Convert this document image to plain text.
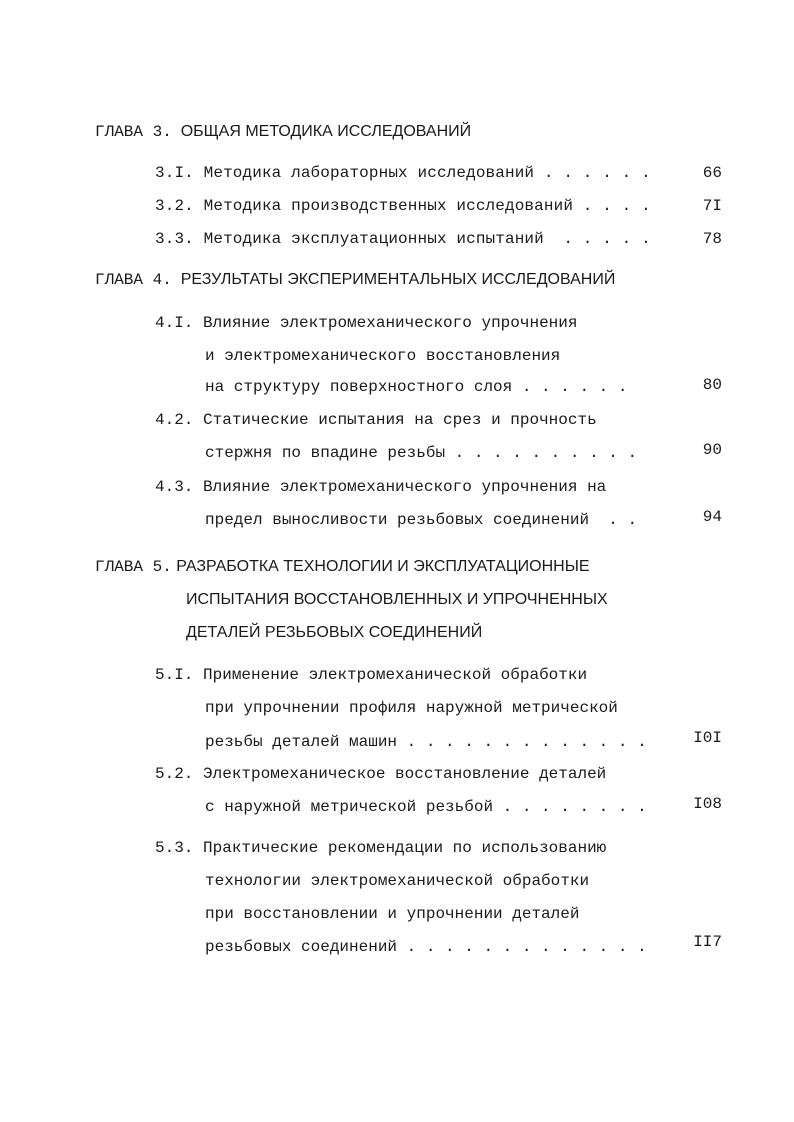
ГЛАВА 3. ОБЩАЯ МЕТОДИКА ИССЛЕДОВАНИЙ
3.I. Методика лабораторных исследований . . . . . .	66
3.2. Методика производственных исследований . . . .	7I
3.3. Методика эксплуатационных испытаний  . . . . .	78
ГЛАВА 4. РЕЗУЛЬТАТЫ ЭКСПЕРИМЕНТАЛЬНЫХ ИССЛЕДОВАНИЙ
4.I. Влияние электромеханического упрочнения
и электромеханического восстановления
на структуру поверхностного слоя . . . . . .	80
4.2. Статические испытания на срез и прочность
стержня по впадине резьбы . . . . . . . . . .	90
4.3. Влияние электромеханического упрочнения на
предел выносливости резьбовых соединений  . .	94
ГЛАВА 5. РАЗРАБОТКА ТЕХНОЛОГИИ И ЭКСПЛУАТАЦИОННЫЕ
ИСПЫТАНИЯ ВОССТАНОВЛЕННЫХ И УПРОЧНЕННЫХ
ДЕТАЛЕЙ РЕЗЬБОВЫХ СОЕДИНЕНИЙ
5.I. Применение электромеханической обработки
при упрочнении профиля наружной метрической
резьбы деталей машин . . . . . . . . . . . . .	I0I
5.2. Электромеханическое восстановление деталей
с наружной метрической резьбой . . . . . . . .	I08
5.3. Практические рекомендации по использованию
технологии электромеханической обработки
при восстановлении и упрочнении деталей
резьбовых соединений . . . . . . . . . . . . .	II7
